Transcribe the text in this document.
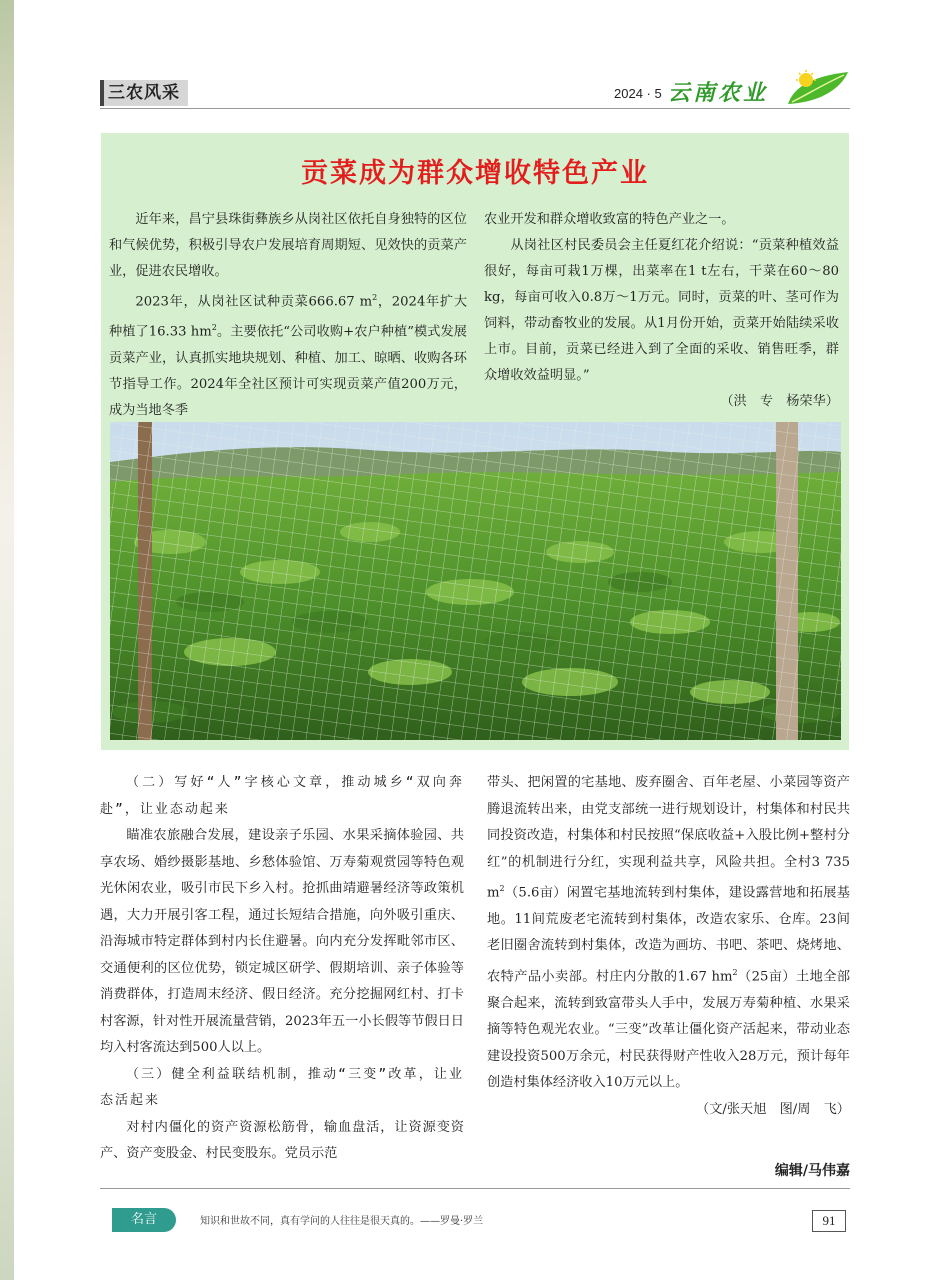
三农风采	2024 · 5 云南农业
贡菜成为群众增收特色产业

近年来，昌宁县珠街彝族乡从岗社区依托自身独特的区位和气候优势，积极引导农户发展培育周期短、见效快的贡菜产业，促进农民增收。

2023年，从岗社区试种贡菜666.67 $m^2$，2024年扩大种植了16.33 $hm^2$。主要依托“公司收购+农户种植”模式发展贡菜产业，认真抓实地块规划、种植、加工、晾晒、收购各环节指导工作。2024年全社区预计可实现贡菜产值200万元，成为当地冬季

农业开发和群众增收致富的特色产业之一。

从岗社区村民委员会主任夏红花介绍说：“贡菜种植效益很好，每亩可栽1万棵，出菜率在1 t左右，干菜在60～80 kg，每亩可收入0.8万～1万元。同时，贡菜的叶、茎可作为饲料，带动畜牧业的发展。从1月份开始，贡菜开始陆续采收上市。目前，贡菜已经进入到了全面的采收、销售旺季，群众增收效益明显。”

（洪　专　杨荣华）

（二）写好“人”字核心文章，推动城乡“双向奔赴”，让业态动起来

瞄准农旅融合发展，建设亲子乐园、水果采摘体验园、共享农场、婚纱摄影基地、乡愁体验馆、万寿菊观赏园等特色观光休闲农业，吸引市民下乡入村。抢抓曲靖避暑经济等政策机遇，大力开展引客工程，通过长短结合措施，向外吸引重庆、沿海城市特定群体到村内长住避暑。向内充分发挥毗邻市区、交通便利的区位优势，锁定城区研学、假期培训、亲子体验等消费群体，打造周末经济、假日经济。充分挖掘网红村、打卡村客源，针对性开展流量营销，2023年五一小长假等节假日日均入村客流达到500人以上。

（三）健全利益联结机制，推动“三变”改革，让业态活起来

对村内僵化的资产资源松筋骨，输血盘活，让资源变资产、资产变股金、村民变股东。党员示范

带头、把闲置的宅基地、废弃圈舍、百年老屋、小菜园等资产腾退流转出来，由党支部统一进行规划设计，村集体和村民共同投资改造，村集体和村民按照“保底收益+入股比例+整村分红”的机制进行分红，实现利益共享，风险共担。全村3 735 $m^2(5.6$亩）闲置宅基地流转到村集体，建设露营地和拓展基地。11间荒废老宅流转到村集体，改造农家乐、仓库。23间老旧圈舍流转到村集体，改造为画坊、书吧、茶吧、烧烤地、农特产品小卖部。村庄内分散的1.67 $hm^2(25$亩）土地全部聚合起来，流转到致富带头人手中，发展万寿菊种植、水果采摘等特色观光农业。“三变”改革让僵化资产活起来，带动业态建设投资500万余元，村民获得财产性收入28万元，预计每年创造村集体经济收入10万元以上。

（文/张天旭　图/周　飞）
编辑/马伟嘉
名言	知识和世故不同，真有学问的人往往是很天真的。——罗曼·罗兰	91
